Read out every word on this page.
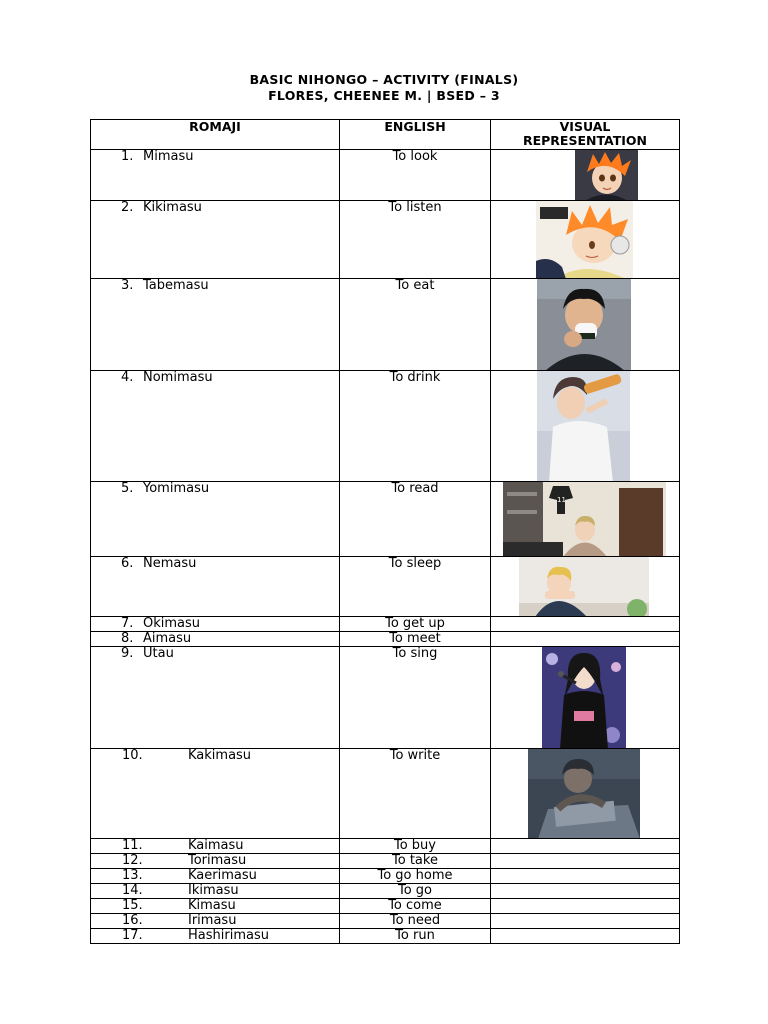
BASIC NIHONGO – ACTIVITY (FINALS)
FLORES, CHEENEE M. | BSED – 3
ROMAJI	ENGLISH	VISUAL
REPRESENTATION

1. Mimasu	To look	

2. Kikimasu	To listen	

3. Tabemasu	To eat	

4. Nomimasu	To drink	

5. Yomimasu	To read	11

6. Nemasu	To sleep	

7. Okimasu	To get up	

8. Aimasu	To meet	

9. Utau	To sing	

10. Kakimasu	To write	

11. Kaimasu	To buy	

12. Torimasu	To take	

13. Kaerimasu	To go home	

14. Ikimasu	To go	

15. Kimasu	To come	

16. Irimasu	To need	

17. Hashirimasu	To run	
